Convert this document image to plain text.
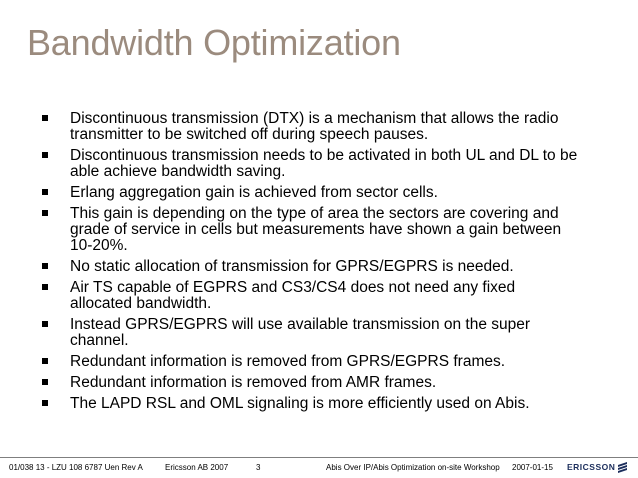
Bandwidth Optimization
Discontinuous transmission (DTX) is a mechanism that allows the radio
transmitter to be switched off during speech pauses.
Discontinuous transmission needs to be activated in both UL and DL to be
able achieve bandwidth saving.
Erlang aggregation gain is achieved from sector cells.
This gain is depending on the type of area the sectors are covering and
grade of service in cells but measurements have shown a gain between
10-20%.
No static allocation of transmission for GPRS/EGPRS is needed.
Air TS capable of EGPRS and CS3/CS4 does not need any fixed
allocated bandwidth.
Instead GPRS/EGPRS will use available transmission on the super
channel.
Redundant information is removed from GPRS/EGPRS frames.
Redundant information is removed from AMR frames.
The LAPD RSL and OML signaling is more efficiently used on Abis.
01/038 13 - LZU 108 6787 Uen Rev A	Ericsson AB 2007	3	Abis Over IP/Abis Optimization on-site Workshop 2007-01-15 ERICSSON
